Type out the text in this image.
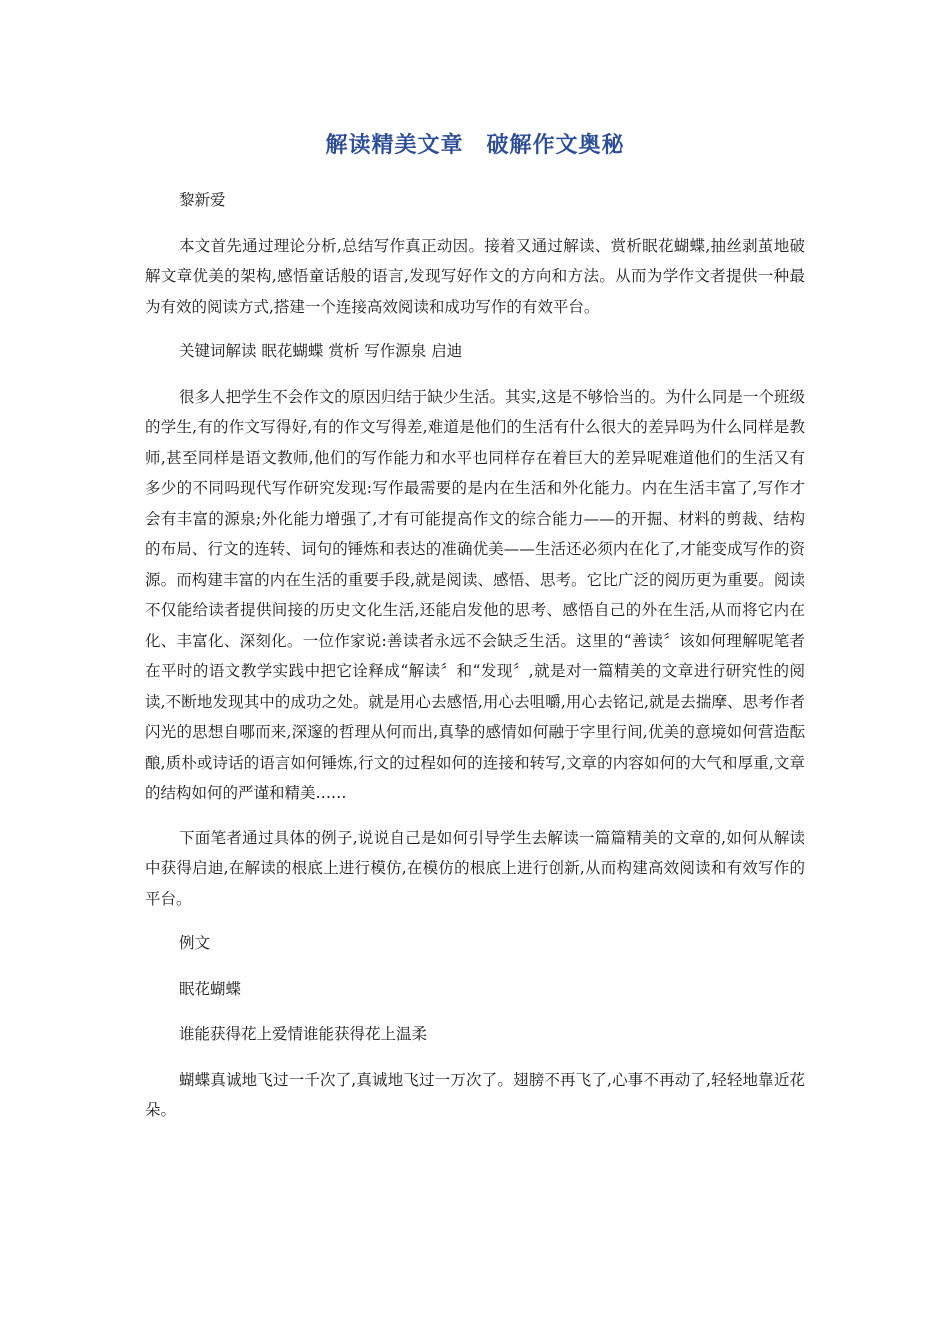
解读精美文章　破解作文奥秘

黎新爱

本文首先通过理论分析,总结写作真正动因。接着又通过解读、赏析眠花蝴蝶,抽丝剥茧地破解文章优美的架构,感悟童话般的语言,发现写好作文的方向和方法。从而为学作文者提供一种最为有效的阅读方式,搭建一个连接高效阅读和成功写作的有效平台。

关键词解读 眠花蝴蝶 赏析 写作源泉 启迪

很多人把学生不会作文的原因归结于缺少生活。其实,这是不够恰当的。为什么同是一个班级的学生,有的作文写得好,有的作文写得差,难道是他们的生活有什么很大的差异吗为什么同样是教师,甚至同样是语文教师,他们的写作能力和水平也同样存在着巨大的差异呢难道他们的生活又有多少的不同吗现代写作研究发现:写作最需要的是内在生活和外化能力。内在生活丰富了,写作才会有丰富的源泉;外化能力增强了,才有可能提高作文的综合能力——的开掘、材料的剪裁、结构的布局、行文的连转、词句的锤炼和表达的准确优美——生活还必须内在化了,才能变成写作的资源。而构建丰富的内在生活的重要手段,就是阅读、感悟、思考。它比广泛的阅历更为重要。阅读不仅能给读者提供间接的历史文化生活,还能启发他的思考、感悟自己的外在生活,从而将它内在化、丰富化、深刻化。一位作家说:善读者永远不会缺乏生活。这里的“善读〞该如何理解呢笔者在平时的语文教学实践中把它诠释成“解读〞和“发现〞,就是对一篇精美的文章进行研究性的阅读,不断地发现其中的成功之处。就是用心去感悟,用心去咀嚼,用心去铭记,就是去揣摩、思考作者闪光的思想自哪而来,深邃的哲理从何而出,真挚的感情如何融于字里行间,优美的意境如何营造酝酿,质朴或诗话的语言如何锤炼,行文的过程如何的连接和转写,文章的内容如何的大气和厚重,文章的结构如何的严谨和精美……

下面笔者通过具体的例子,说说自己是如何引导学生去解读一篇篇精美的文章的,如何从解读中获得启迪,在解读的根底上进行模仿,在模仿的根底上进行创新,从而构建高效阅读和有效写作的平台。

例文

眠花蝴蝶

谁能获得花上爱情谁能获得花上温柔

蝴蝶真诚地飞过一千次了,真诚地飞过一万次了。翅膀不再飞了,心事不再动了,轻轻地靠近花朵。
